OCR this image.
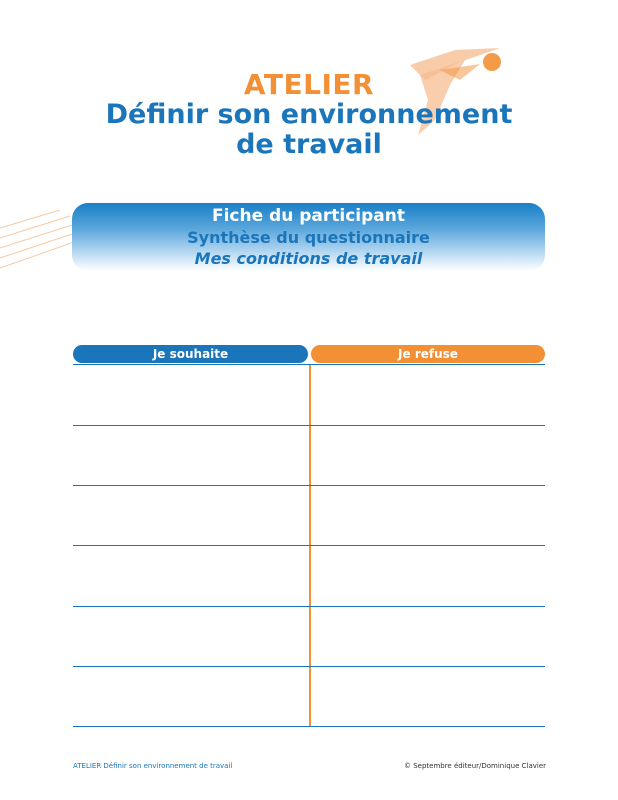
ATELIER
Définir son environnement
de travail
Fiche du participant
Synthèse du questionnaire
Mes conditions de travail
Je souhaite	Je refuse
ATELIER Définir son environnement de travail	© Septembre éditeur/Dominique Clavier
